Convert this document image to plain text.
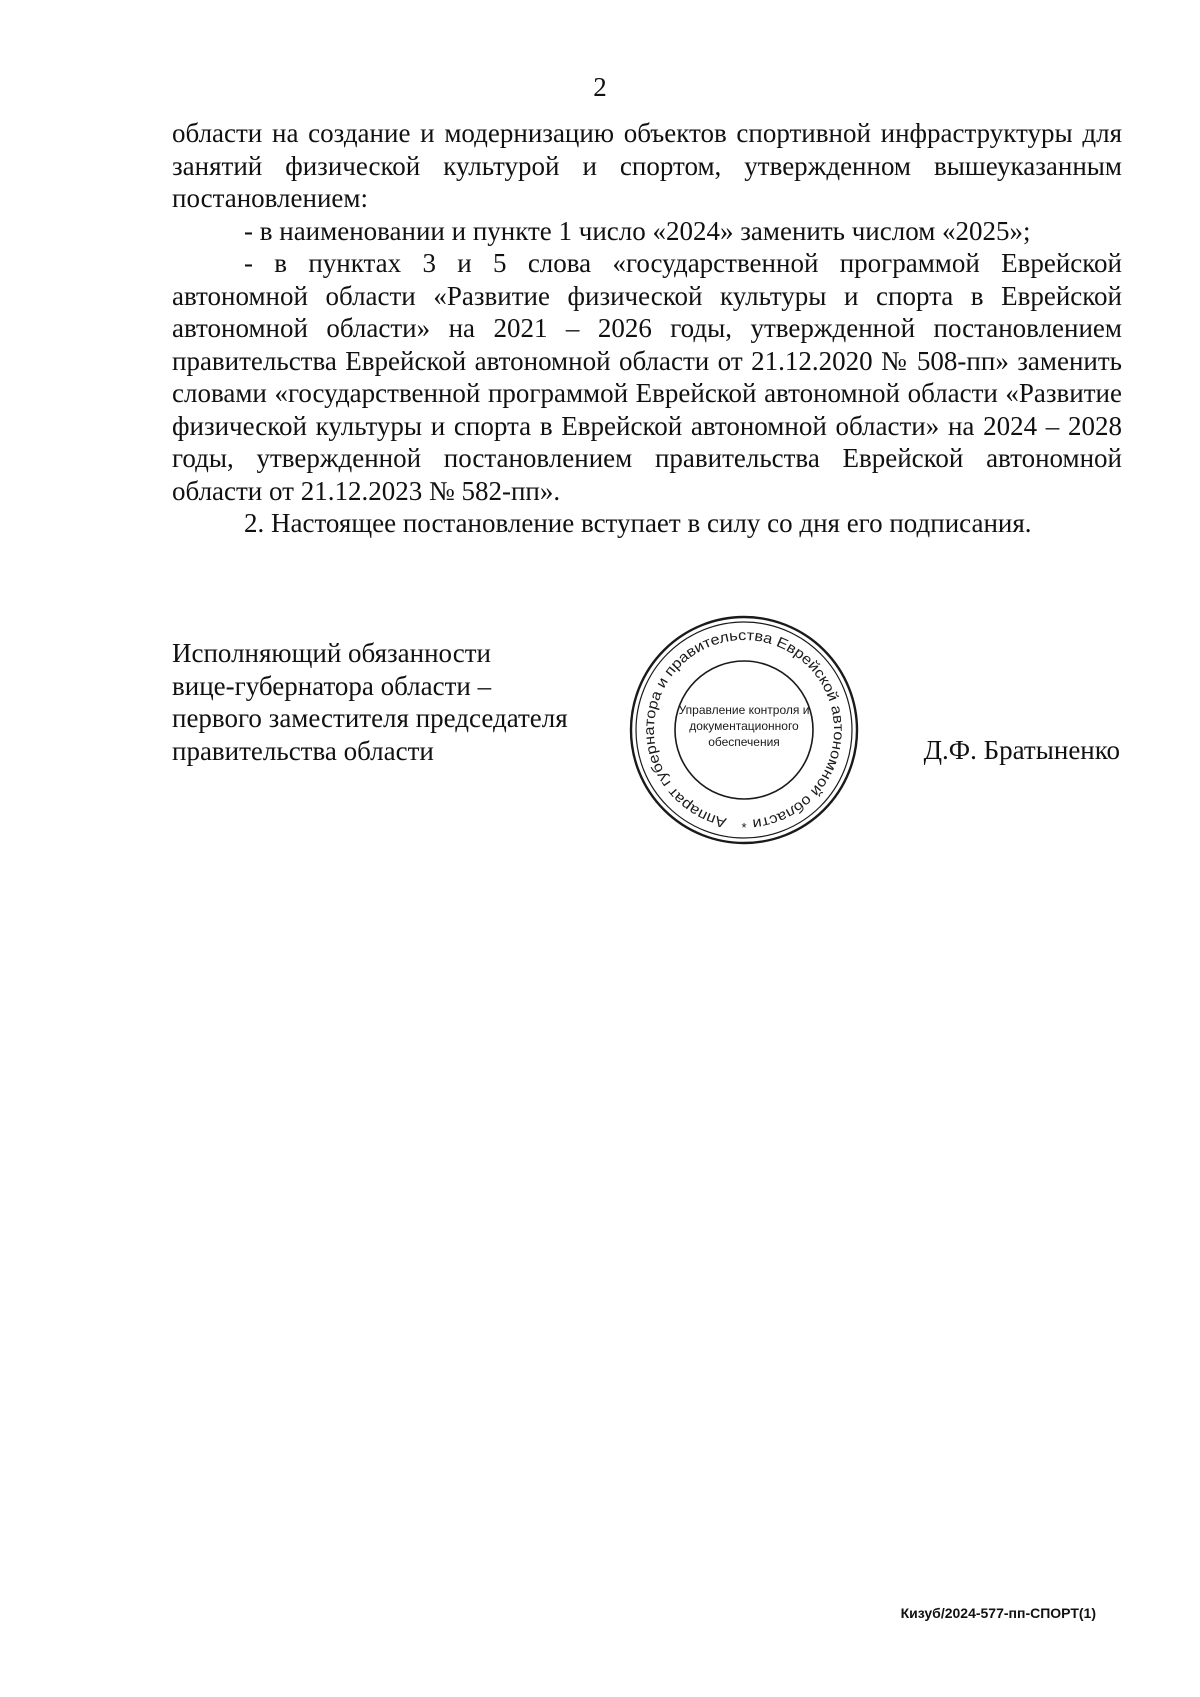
2

области на создание и модернизацию объектов спортивной инфраструктуры для занятий физической культурой и спортом, утвержденном вышеуказанным постановлением:

- в наименовании и пункте 1 число «2024» заменить числом «2025»;

- в пунктах 3 и 5 слова «государственной программой Еврейской автономной области «Развитие физической культуры и спорта в Еврейской автономной области» на 2021 – 2026 годы, утвержденной постановлением правительства Еврейской автономной области от 21.12.2020 № 508-пп» заменить словами «государственной программой Еврейской автономной области «Развитие физической культуры и спорта в Еврейской автономной области» на 2024 – 2028 годы, утвержденной постановлением правительства Еврейской автономной области от 21.12.2023 № 582-пп».

2. Настоящее постановление вступает в силу со дня его подписания.

Исполняющий обязанности
вице-губернатора области –
первого заместителя председателя
правительства области
Аппарат губернатора и правительства Еврейской автономной области
Управление контроля и
документационного
обеспечения
*
Д.Ф. Братыненко
Кизуб/2024-577-пп-СПОРТ(1)
